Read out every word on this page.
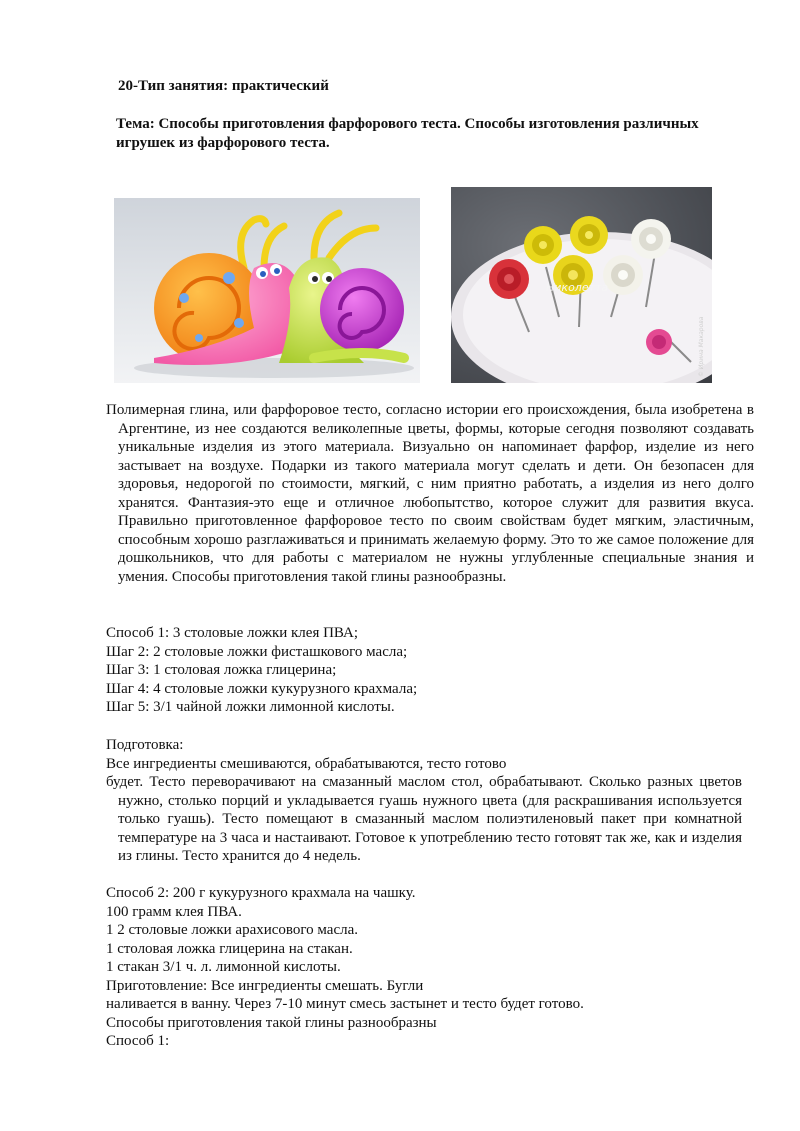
20-Тип занятия: практический
Тема: Способы приготовления фарфорового теста. Способы изготовления различных игрушек из фарфорового теста.
Николетта
© Ирина Макарова
Полимерная глина, или фарфоровое тесто, согласно истории его происхождения, была изобретена в Аргентине, из нее создаются великолепные цветы, формы, которые сегодня позволяют создавать уникальные изделия из этого материала. Визуально он напоминает фарфор, изделие из него застывает на воздухе. Подарки из такого материала могут сделать и дети. Он безопасен для здоровья, недорогой по стоимости, мягкий, с ним приятно работать, а изделия из него долго хранятся. Фантазия-это еще и отличное любопытство, которое служит для развития вкуса. Правильно приготовленное фарфоровое тесто по своим свойствам будет мягким, эластичным, способным хорошо разглаживаться и принимать желаемую форму. Это то же самое положение для дошкольников, что для работы с материалом не нужны углубленные специальные знания и умения. Способы приготовления такой глины разнообразны.
Способ 1: 3 столовые ложки клея ПВА;
Шаг 2: 2 столовые ложки фисташкового масла;
Шаг 3: 1 столовая ложка глицерина;
Шаг 4: 4 столовые ложки кукурузного крахмала;
Шаг 5: 3/1 чайной ложки лимонной кислоты.
Подготовка:
Все ингредиенты смешиваются, обрабатываются, тесто готово
будет. Тесто переворачивают на смазанный маслом стол, обрабатывают. Сколько разных цветов нужно, столько порций и укладывается гуашь нужного цвета (для раскрашивания используется только гуашь). Тесто помещают в смазанный маслом полиэтиленовый пакет при комнатной температуре на 3 часа и настаивают. Готовое к употреблению тесто готовят так же, как и изделия из глины. Тесто хранится до 4 недель.
Способ 2: 200 г кукурузного крахмала на чашку.
100 грамм клея ПВА.
1 2 столовые ложки арахисового масла.
1 столовая ложка глицерина на стакан.
1 стакан 3/1 ч. л. лимонной кислоты.
Приготовление: Все ингредиенты смешать. Бугли
наливается в ванну. Через 7-10 минут смесь застынет и тесто будет готово.
Способы приготовления такой глины разнообразны
Способ 1:
